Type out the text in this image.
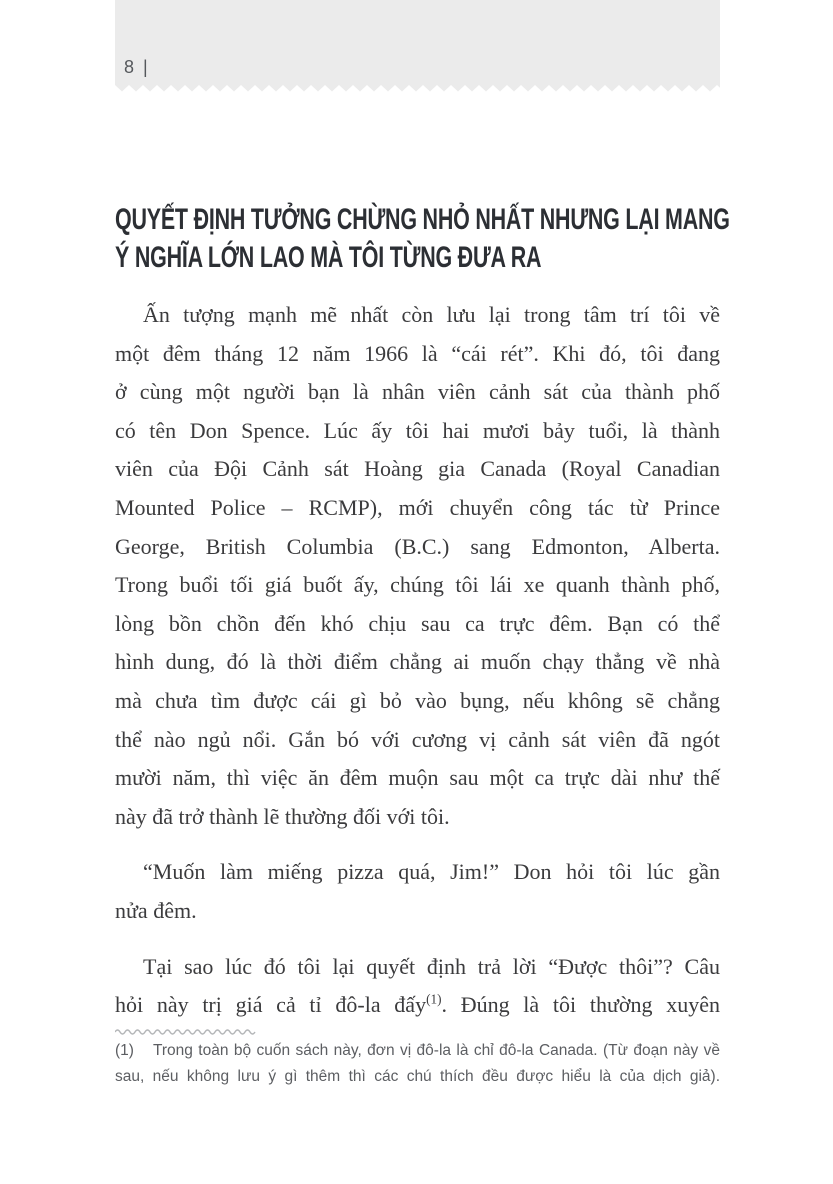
8 |
QUYẾT ĐỊNH TƯỞNG CHỪNG NHỎ NHẤT NHƯNG LẠI MANG
Ý NGHĨA LỚN LAO MÀ TÔI TỪNG ĐƯA RA
Ấn tượng mạnh mẽ nhất còn lưu lại trong tâm trí tôi về
một đêm tháng 12 năm 1966 là “cái rét”. Khi đó, tôi đang
ở cùng một người bạn là nhân viên cảnh sát của thành phố
có tên Don Spence. Lúc ấy tôi hai mươi bảy tuổi, là thành
viên của Đội Cảnh sát Hoàng gia Canada (Royal Canadian
Mounted Police – RCMP), mới chuyển công tác từ Prince
George, British Columbia (B.C.) sang Edmonton, Alberta.
Trong buổi tối giá buốt ấy, chúng tôi lái xe quanh thành phố,
lòng bồn chồn đến khó chịu sau ca trực đêm. Bạn có thể
hình dung, đó là thời điểm chẳng ai muốn chạy thẳng về nhà
mà chưa tìm được cái gì bỏ vào bụng, nếu không sẽ chẳng
thể nào ngủ nổi. Gắn bó với cương vị cảnh sát viên đã ngót
mười năm, thì việc ăn đêm muộn sau một ca trực dài như thế
này đã trở thành lẽ thường đối với tôi.
“Muốn làm miếng pizza quá, Jim!” Don hỏi tôi lúc gần
nửa đêm.
Tại sao lúc đó tôi lại quyết định trả lời “Được thôi”? Câu
hỏi này trị giá cả tỉ đô-la đấy$^{(1)}$. Đúng là tôi thường xuyên
(1) Trong toàn bộ cuốn sách này, đơn vị đô-la là chỉ đô-la Canada. (Từ đoạn này về sau, nếu không lưu ý gì thêm thì các chú thích đều được hiểu là của dịch giả).
